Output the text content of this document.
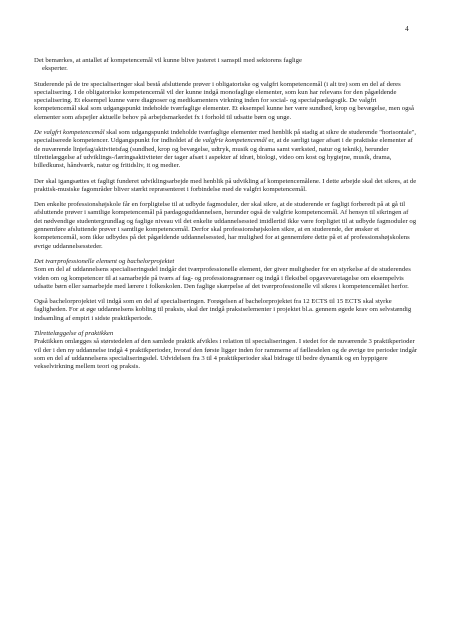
4
Det bemærkes, at antallet af kompetencemål vil kunne blive justeret i samspil med sektorens faglige
eksperter.
Studerende på de tre specialiseringer skal bestå afsluttende prøver i obligatoriske og valgfri kompetencemål (i alt tre) som en del af deres specialisering. I de obligatoriske kompetencemål vil der kunne indgå monofaglige elementer, som kun har relevans for den pågældende specialisering. Et eksempel kunne være diagnoser og medikamenters virkning inden for social- og specialpædagogik. De valgfri kompetencemål skal som udgangspunkt indeholde tværfaglige elementer. Et eksempel kunne her være sundhed, krop og bevægelse, men også elementer som afspejler aktuelle behov på arbejdsmarkedet fx i forhold til udsatte børn og unge.
De valgfri kompetencemål skal som udgangspunkt indeholde tværfaglige elementer med henblik på stadig at sikre de studerende "horisontale", specialiserede kompetencer. Udgangspunkt for indholdet af de valgfrie kompetencemål er, at de særligt tager afsæt i de praktiske elementer af de nuværende linjefag/aktivitetsfag (sundhed, krop og bevægelse, udtryk, musik og drama samt værksted, natur og teknik), herunder tilrettelæggelse af udviklings-/læringsaktiviteter der tager afsæt i aspekter af idræt, biologi, video om kost og hygiejne, musik, drama, billedkunst, håndværk, natur og fritidsliv, it og medier.
Der skal igangsættes et fagligt funderet udviklingsarbejde med henblik på udvikling af kompetencemålene. I dette arbejde skal det sikres, at de praktisk-musiske fagområder bliver stærkt repræsenteret i forbindelse med de valgfri kompetencemål.
Den enkelte professionshøjskole får en forpligtelse til at udbyde fagmoduler, der skal sikre, at de studerende er fagligt forberedt på at gå til afsluttende prøver i samtlige kompetencemål på pædagoguddannelsen, herunder også de valgfrie kompetencemål. Af hensyn til sikringen af det nødvendige studentergrundlag og faglige niveau vil det enkelte uddannelsessted imidlertid ikke være forpligtet til at udbyde fagmoduler og gennemføre afsluttende prøver i samtlige kompetencemål. Derfor skal professionshøjskolen sikre, at en studerende, der ønsker et kompetencemål, som ikke udbydes på det pågældende uddannelsessted, har mulighed for at gennemføre dette på et af professionshøjskolens øvrige uddannelsessteder.
Det tværprofessionelle element og bachelorprojektet
Som en del af uddannelsens specialiseringsdel indgår det tværprofessionelle element, der giver muligheder for en styrkelse af de studerendes viden om og kompetencer til at samarbejde på tværs af fag- og professionsgrænser og indgå i fleksibel opgavevaretagelse om eksempelvis udsatte børn eller samarbejde med lærere i folkeskolen. Den faglige skærpelse af det tværprofessionelle vil sikres i kompetencemålet herfor.
Også bachelorprojektet vil indgå som en del af specialiseringen. Forøgelsen af bachelorprojektet fra 12 ECTS til 15 ECTS skal styrke fagligheden. For at øge uddannelsens kobling til praksis, skal der indgå praksiselementer i projektet bl.a. gennem øgede krav om selvstændig indsamling af empiri i sidste praktikperiode.
Tilrettelæggelse af praktikken
Praktikken omlægges så størstedelen af den samlede praktik afvikles i relation til specialiseringen. I stedet for de nuværende 3 praktikperioder vil der i den ny uddannelse indgå 4 praktikperioder, hvoraf den første ligger inden for rammerne af fællesdelen og de øvrige tre perioder indgår som en del af uddannelsens specialiseringsdel. Udvidelsen fra 3 til 4 praktikperioder skal bidrage til bedre dynamik og en hyppigere vekselvirkning mellem teori og praksis.
